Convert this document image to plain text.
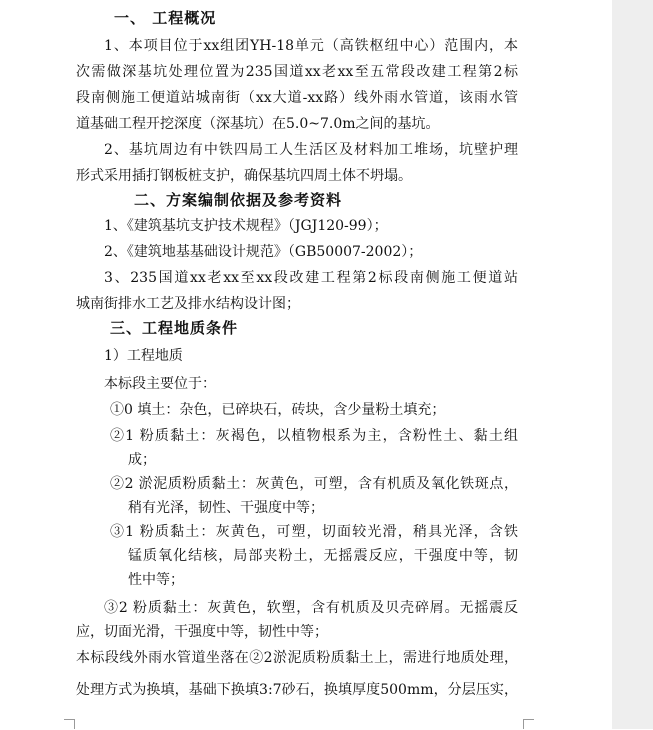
一、 工程概况
1、本项目位于xx组团YH-18单元（高铁枢纽中心）范围内，本
次需做深基坑处理位置为235国道xx老xx至五常段改建工程第2标
段南侧施工便道站城南街（xx大道-xx路）线外雨水管道，该雨水管
道基础工程开挖深度（深基坑）在5.0~7.0m之间的基坑。
2、基坑周边有中铁四局工人生活区及材料加工堆场，坑壁护理
形式采用插打钢板桩支护，确保基坑四周土体不坍塌。
二、方案编制依据及参考资料
1、《建筑基坑支护技术规程》（JGJ120-99）；
2、《建筑地基基础设计规范》（GB50007-2002）；
3、235国道xx老xx至xx段改建工程第2标段南侧施工便道站
城南街排水工艺及排水结构设计图；
三、工程地质条件
1）工程地质
本标段主要位于：
①0 填土：杂色，已碎块石，砖块，含少量粉土填充；
②1 粉质黏土：灰褐色，以植物根系为主，含粉性土、黏土组
成；
②2 淤泥质粉质黏土：灰黄色，可塑，含有机质及氧化铁斑点，
稍有光泽，韧性、干强度中等；
③1 粉质黏土：灰黄色，可塑，切面较光滑，稍具光泽，含铁
锰质氧化结核，局部夹粉土，无摇震反应，干强度中等，韧
性中等；
③2 粉质黏土：灰黄色，软塑，含有机质及贝壳碎屑。无摇震反
应，切面光滑，干强度中等，韧性中等；
本标段线外雨水管道坐落在②2淤泥质粉质黏土上，需进行地质处理，
处理方式为换填，基础下换填3:7砂石，换填厚度500mm，分层压实，
